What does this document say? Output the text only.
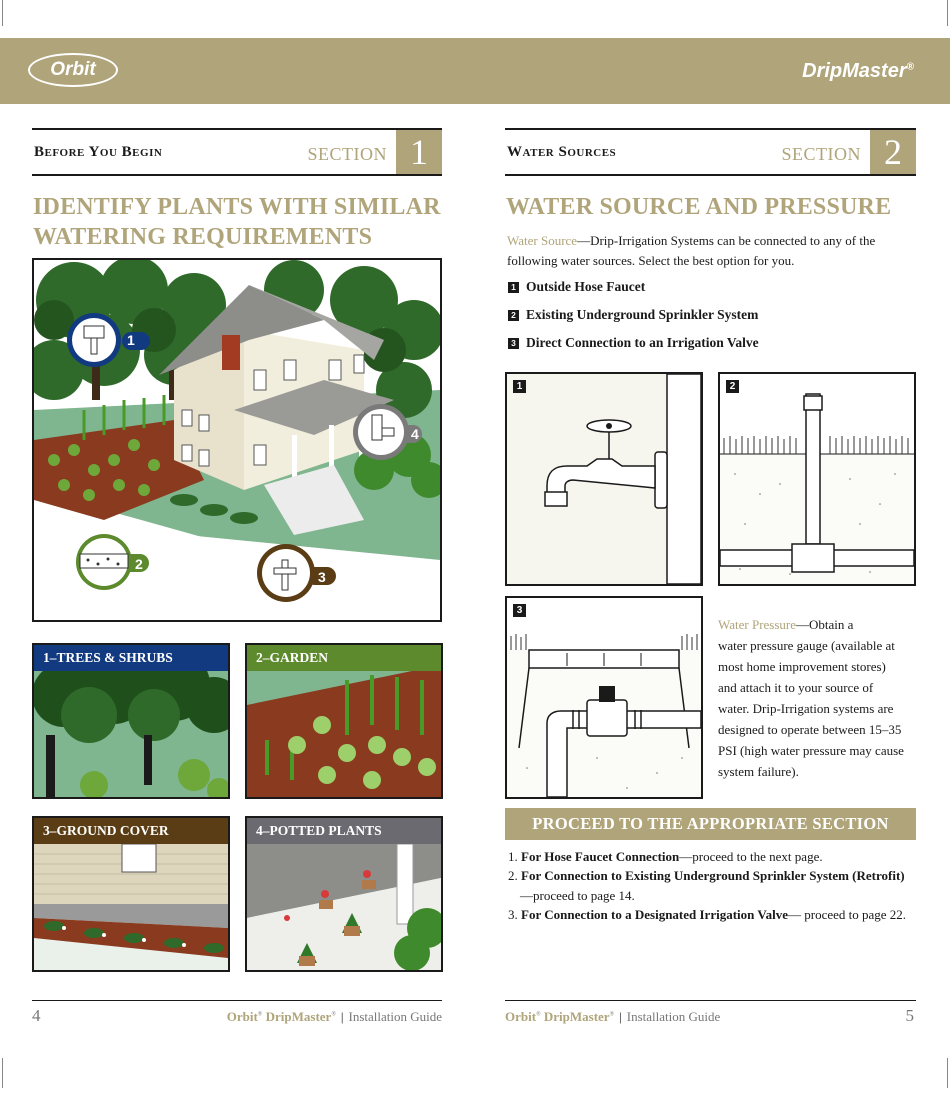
Orbit	DripMaster®
Before You Begin	SECTION 1	Water Sources	SECTION 2
IDENTIFY PLANTS WITH SIMILAR
WATERING REQUIREMENTS
1
2
3
4
1–TREES & SHRUBS	2–GARDEN
3–GROUND COVER	4–POTTED PLANTS
WATER SOURCE AND PRESSURE
Water Source—Drip-Irrigation Systems can be connected to any of the
following water sources. Select the best option for you.
1 Outside Hose Faucet
2 Existing Underground Sprinkler System
3 Direct Connection to an Irrigation Valve
1	2
3
Water Pressure—Obtain a
water pressure gauge (available at
most home improvement stores)
and attach it to your source of
water. Drip-Irrigation systems are
designed to operate between 15–35
PSI (high water pressure may cause
system failure).
PROCEED TO THE APPROPRIATE SECTION
1. For Hose Faucet Connection—proceed to the next page.
2. For Connection to Existing Underground Sprinkler System (Retrofit)—proceed to page 14.
3. For Connection to a Designated Irrigation Valve— proceed to page 22.
4	Orbit® DripMaster® | Installation Guide	Orbit® DripMaster® | Installation Guide	5
